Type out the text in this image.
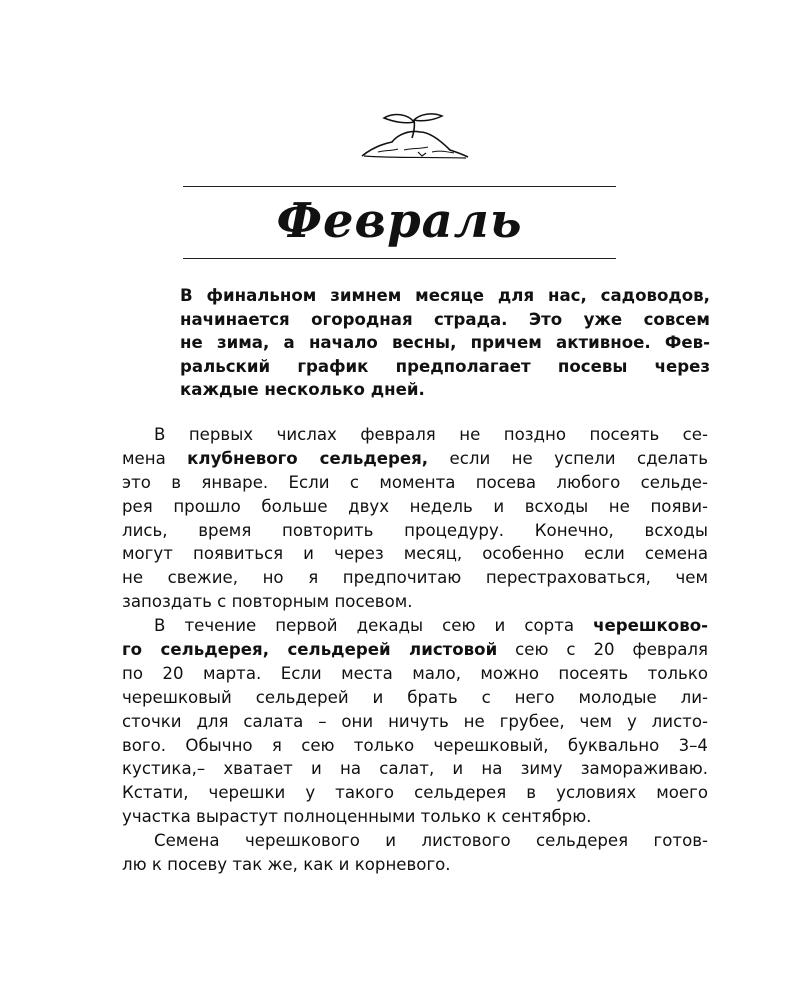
Февраль
В финальном зимнем месяце для нас, садоводов,
начинается огородная страда. Это уже совсем
не зима, а начало весны, причем активное. Фев-
ральский график предполагает посевы через
каждые несколько дней.
В первых числах февраля не поздно посеять се-
мена клубневого сельдерея, если не успели сделать
это в январе. Если с момента посева любого сельде-
рея прошло больше двух недель и всходы не появи-
лись, время повторить процедуру. Конечно, всходы
могут появиться и через месяц, особенно если семена
не свежие, но я предпочитаю перестраховаться, чем
запоздать с повторным посевом.
В течение первой декады сею и сорта черешково-
го сельдерея, сельдерей листовой сею с 20 февраля
по 20 марта. Если места мало, можно посеять только
черешковый сельдерей и брать с него молодые ли-
сточки для салата – они ничуть не грубее, чем у листо-
вого. Обычно я сею только черешковый, буквально 3–4
кустика,– хватает и на салат, и на зиму замораживаю.
Кстати, черешки у такого сельдерея в условиях моего
участка вырастут полноценными только к сентябрю.
Семена черешкового и листового сельдерея готов-
лю к посеву так же, как и корневого.
